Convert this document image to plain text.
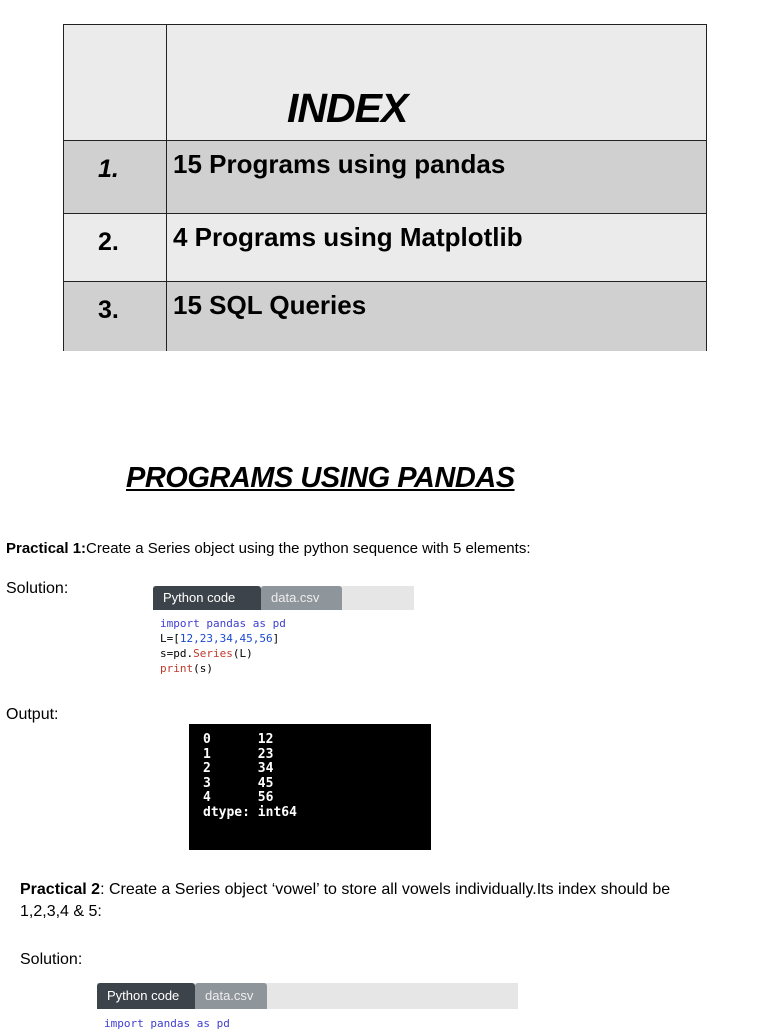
INDEX
1. 15 Programs using pandas
2. 4 Programs using Matplotlib
3. 15 SQL Queries
PROGRAMS USING PANDAS
Practical 1:Create a Series object using the python sequence with 5 elements:
Solution:
Python code	data.csv
import pandas as pd
L=[12,23,34,45,56]
s=pd.Series(L)
print(s)
Output:
0      12
1      23
2      34
3      45
4      56
dtype: int64
Practical 2: Create a Series object ‘vowel’ to store all vowels individually.Its index should be 1,2,3,4 & 5:
Solution:
Python code	data.csv
import pandas as pd
